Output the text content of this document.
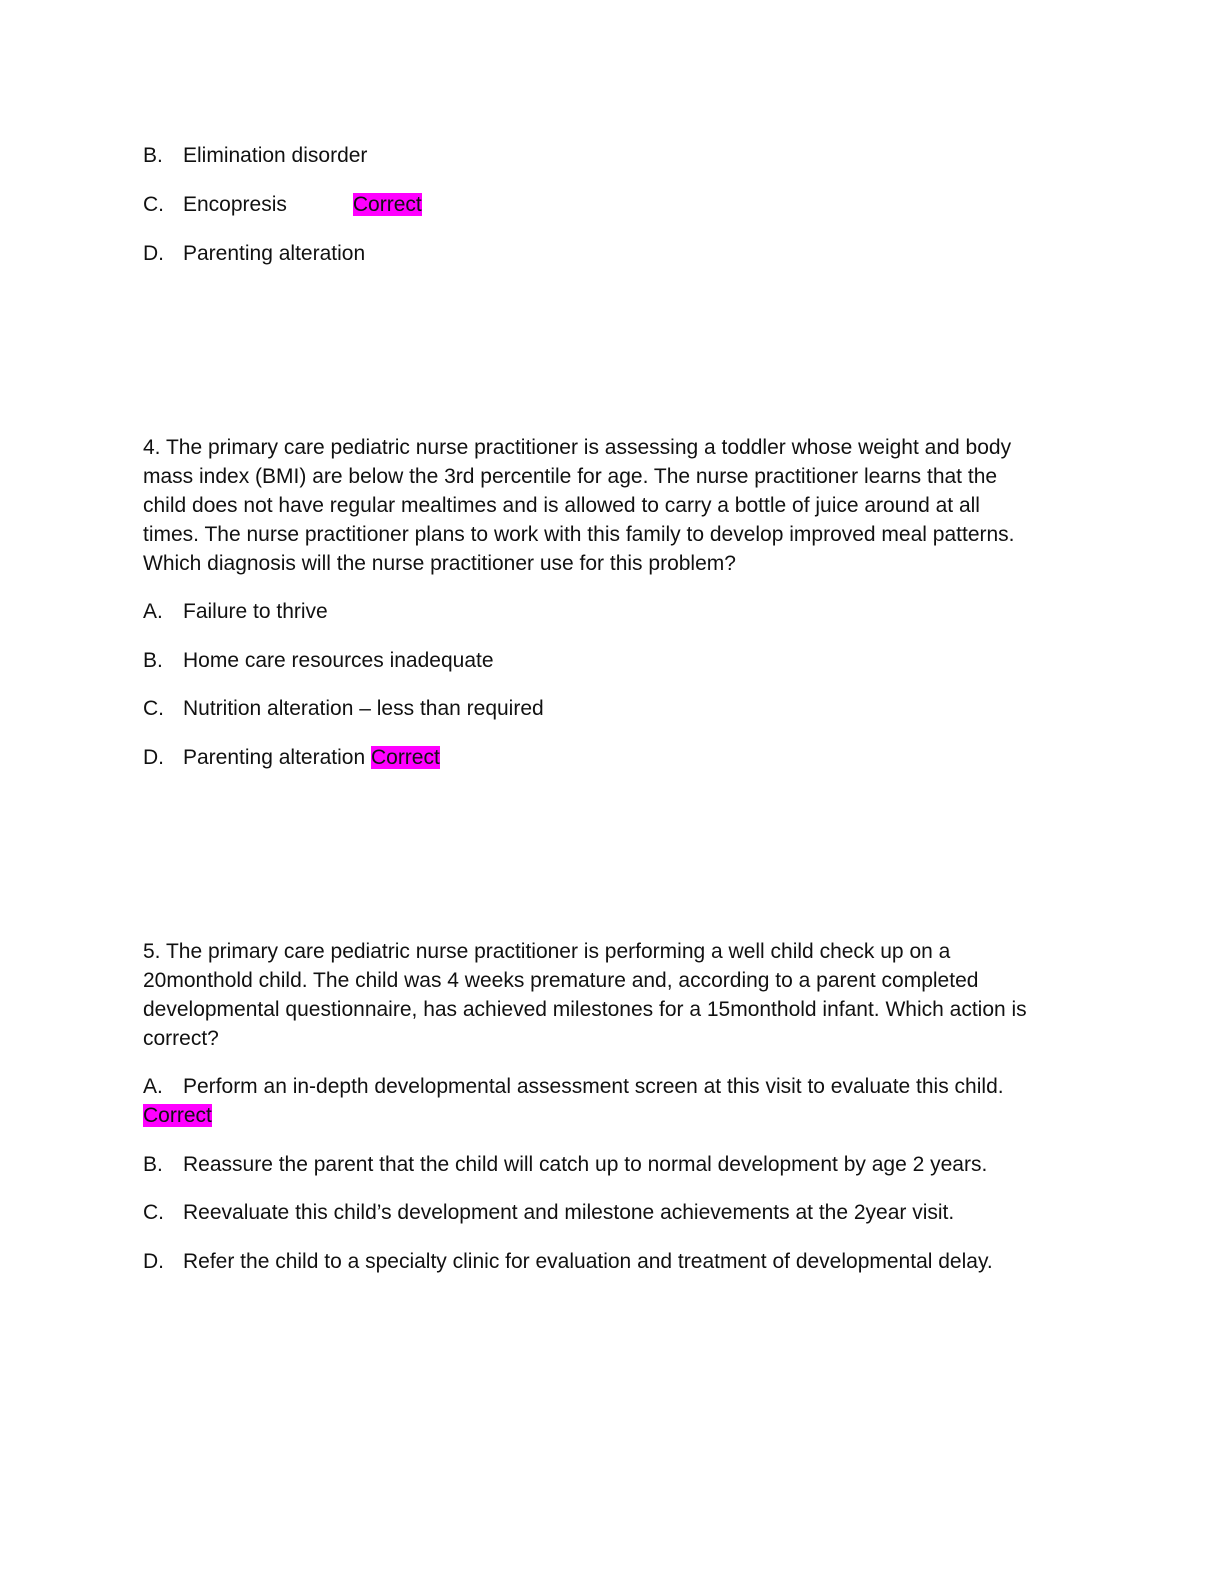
B. Elimination disorder
C. Encopresis	Correct
D. Parenting alteration
4. The primary care pediatric nurse practitioner is assessing a toddler whose weight and body
mass index (BMI) are below the 3rd percentile for age. The nurse practitioner learns that the
child does not have regular mealtimes and is allowed to carry a bottle of juice around at all
times. The nurse practitioner plans to work with this family to develop improved meal patterns.
Which diagnosis will the nurse practitioner use for this problem?
A. Failure to thrive
B. Home care resources inadequate
C. Nutrition alteration – less than required
D. Parenting alteration Correct
5. The primary care pediatric nurse practitioner is performing a well child check up on a
20monthold child. The child was 4 weeks premature and, according to a parent completed
developmental questionnaire, has achieved milestones for a 15monthold infant. Which action is
correct?
A. Perform an in-depth developmental assessment screen at this visit to evaluate this child.
Correct
B. Reassure the parent that the child will catch up to normal development by age 2 years.
C. Reevaluate this child’s development and milestone achievements at the 2year visit.
D. Refer the child to a specialty clinic for evaluation and treatment of developmental delay.
